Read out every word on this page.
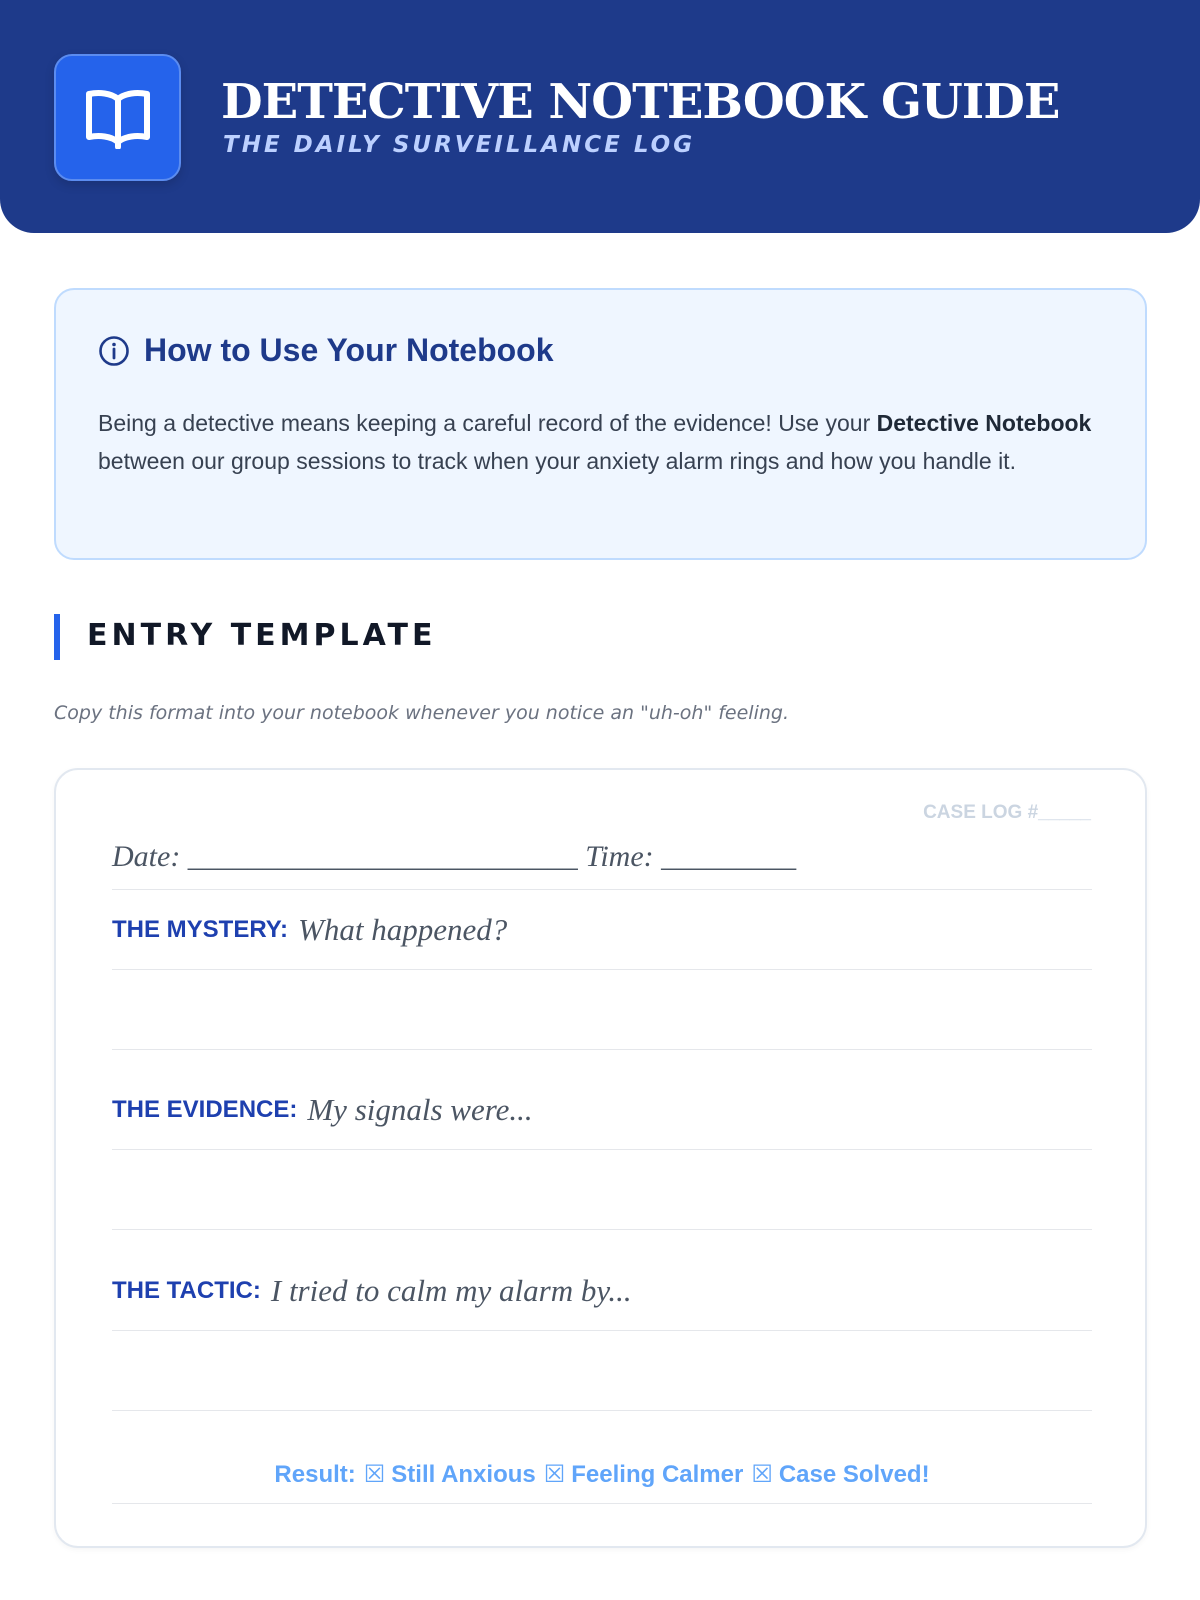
DETECTIVE NOTEBOOK GUIDE
THE DAILY SURVEILLANCE LOG
How to Use Your Notebook

Being a detective means keeping a careful record of the evidence! Use your Detective Notebook between our group sessions to track when your anxiety alarm rings and how you handle it.

ENTRY TEMPLATE
Copy this format into your notebook whenever you notice an "uh-oh" feeling.
CASE LOG #_____
Date: __________________________ Time: _________
THE MYSTERY: What happened?
THE EVIDENCE: My signals were...
THE TACTIC: I tried to calm my alarm by...
Result: ☒ Still Anxious ☒ Feeling Calmer ☒ Case Solved!
